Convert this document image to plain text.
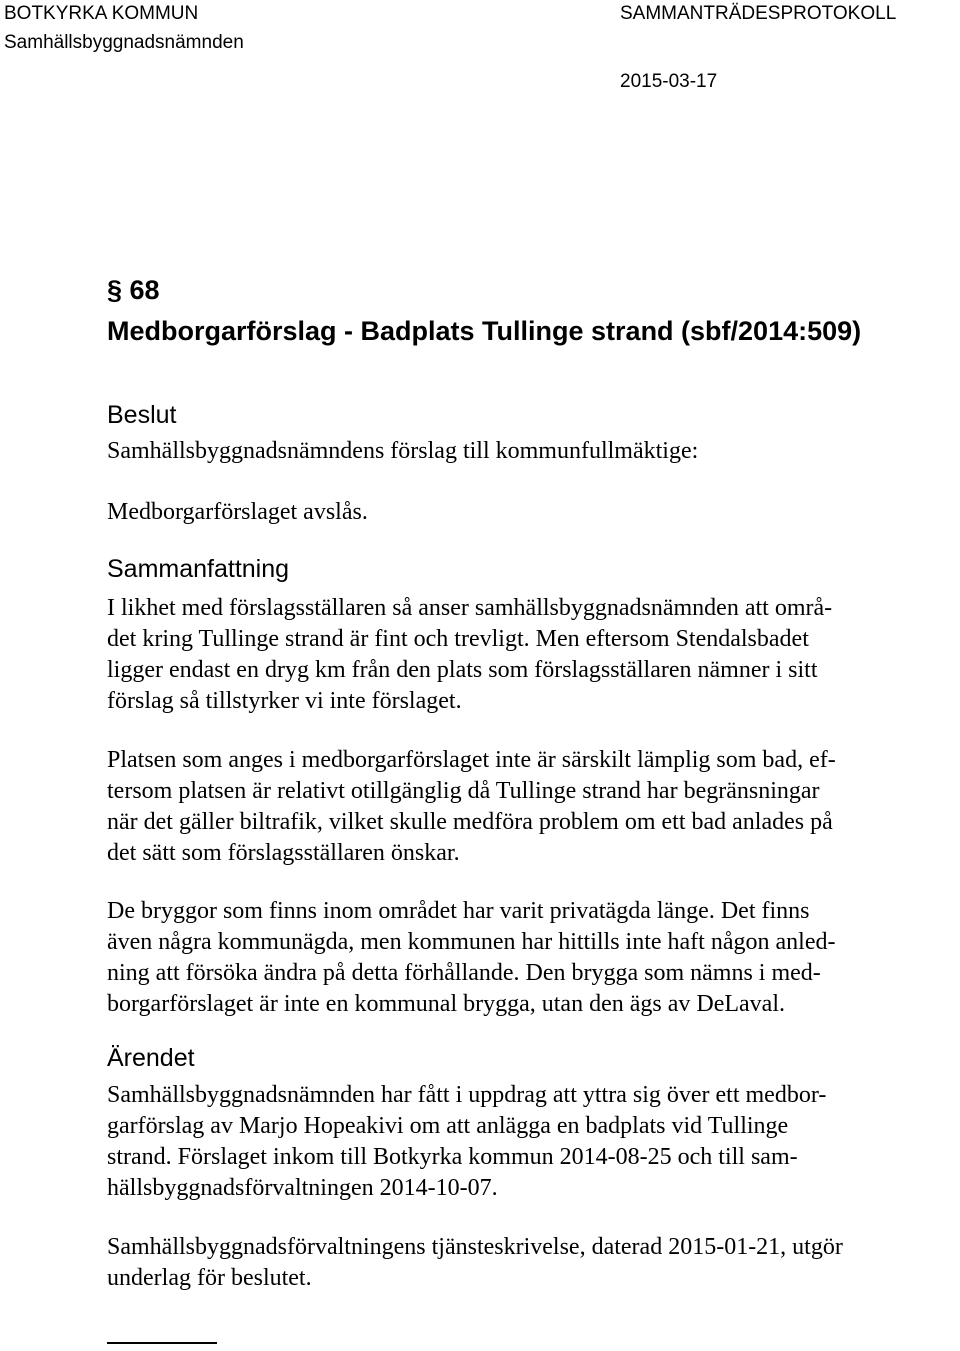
BOTKYRKA KOMMUN
Samhällsbyggnadsnämnden
SAMMANTRÄDESPROTOKOLL
2015-03-17
§ 68
Medborgarförslag - Badplats Tullinge strand (sbf/2014:509)
Beslut
Samhällsbyggnadsnämndens förslag till kommunfullmäktige:
Medborgarförslaget avslås.
Sammanfattning
I likhet med förslagsställaren så anser samhällsbyggnadsnämnden att områ-
det kring Tullinge strand är fint och trevligt. Men eftersom Stendalsbadet
ligger endast en dryg km från den plats som förslagsställaren nämner i sitt
förslag så tillstyrker vi inte förslaget.
Platsen som anges i medborgarförslaget inte är särskilt lämplig som bad, ef-
tersom platsen är relativt otillgänglig då Tullinge strand har begränsningar
när det gäller biltrafik, vilket skulle medföra problem om ett bad anlades på
det sätt som förslagsställaren önskar.
De bryggor som finns inom området har varit privatägda länge. Det finns
även några kommunägda, men kommunen har hittills inte haft någon anled-
ning att försöka ändra på detta förhållande. Den brygga som nämns i med-
borgarförslaget är inte en kommunal brygga, utan den ägs av DeLaval.
Ärendet
Samhällsbyggnadsnämnden har fått i uppdrag att yttra sig över ett medbor-
garförslag av Marjo Hopeakivi om att anlägga en badplats vid Tullinge
strand. Förslaget inkom till Botkyrka kommun 2014-08-25 och till sam-
hällsbyggnadsförvaltningen 2014-10-07.
Samhällsbyggnadsförvaltningens tjänsteskrivelse, daterad 2015-01-21, utgör
underlag för beslutet.
